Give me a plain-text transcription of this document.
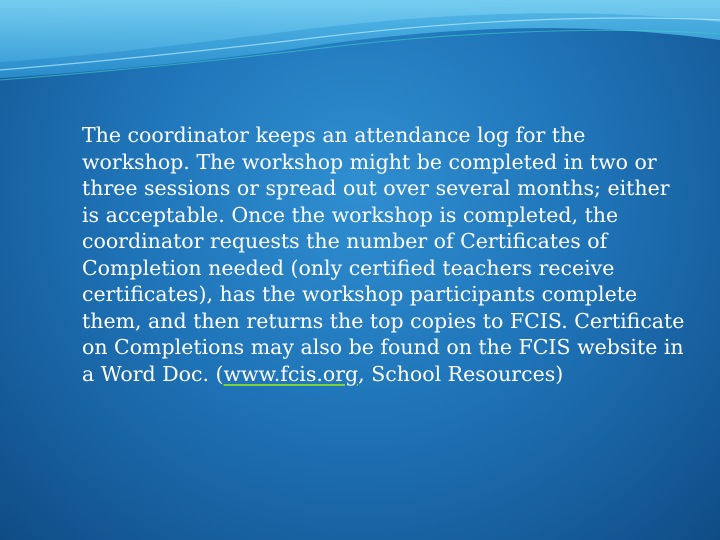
The coordinator keeps an attendance log for the workshop. The workshop might be completed in two or three sessions or spread out over several months; either is acceptable. Once the workshop is completed, the coordinator requests the number of Certificates of Completion needed (only certified teachers receive certificates), has the workshop participants complete them, and then returns the top copies to FCIS. Certificate on Completions may also be found on the FCIS website in a Word Doc. (www.fcis.org, School Resources)
